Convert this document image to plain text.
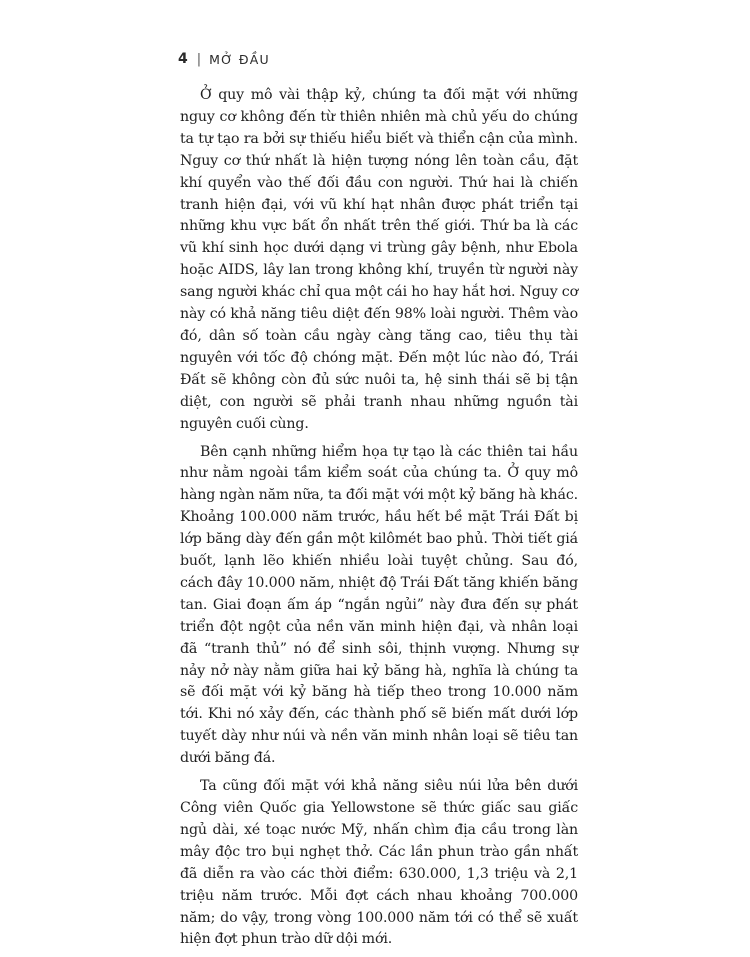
4 | MỞ ĐẦU

Ở quy mô vài thập kỷ, chúng ta đối mặt với những nguy cơ không đến từ thiên nhiên mà chủ yếu do chúng ta tự tạo ra bởi sự thiếu hiểu biết và thiển cận của mình. Nguy cơ thứ nhất là hiện tượng nóng lên toàn cầu, đặt khí quyển vào thế đối đầu con người. Thứ hai là chiến tranh hiện đại, với vũ khí hạt nhân được phát triển tại những khu vực bất ổn nhất trên thế giới. Thứ ba là các vũ khí sinh học dưới dạng vi trùng gây bệnh, như Ebola hoặc AIDS, lây lan trong không khí, truyền từ người này sang người khác chỉ qua một cái ho hay hắt hơi. Nguy cơ này có khả năng tiêu diệt đến 98% loài người. Thêm vào đó, dân số toàn cầu ngày càng tăng cao, tiêu thụ tài nguyên với tốc độ chóng mặt. Đến một lúc nào đó, Trái Đất sẽ không còn đủ sức nuôi ta, hệ sinh thái sẽ bị tận diệt, con người sẽ phải tranh nhau những nguồn tài nguyên cuối cùng.

Bên cạnh những hiểm họa tự tạo là các thiên tai hầu như nằm ngoài tầm kiểm soát của chúng ta. Ở quy mô hàng ngàn năm nữa, ta đối mặt với một kỷ băng hà khác. Khoảng 100.000 năm trước, hầu hết bề mặt Trái Đất bị lớp băng dày đến gần một kilômét bao phủ. Thời tiết giá buốt, lạnh lẽo khiến nhiều loài tuyệt chủng. Sau đó, cách đây 10.000 năm, nhiệt độ Trái Đất tăng khiến băng tan. Giai đoạn ấm áp “ngắn ngủi” này đưa đến sự phát triển đột ngột của nền văn minh hiện đại, và nhân loại đã “tranh thủ” nó để sinh sôi, thịnh vượng. Nhưng sự nảy nở này nằm giữa hai kỷ băng hà, nghĩa là chúng ta sẽ đối mặt với kỷ băng hà tiếp theo trong 10.000 năm tới. Khi nó xảy đến, các thành phố sẽ biến mất dưới lớp tuyết dày như núi và nền văn minh nhân loại sẽ tiêu tan dưới băng đá.

Ta cũng đối mặt với khả năng siêu núi lửa bên dưới Công viên Quốc gia Yellowstone sẽ thức giấc sau giấc ngủ dài, xé toạc nước Mỹ, nhấn chìm địa cầu trong làn mây độc tro bụi nghẹt thở. Các lần phun trào gần nhất đã diễn ra vào các thời điểm: 630.000, 1,3 triệu và 2,1 triệu năm trước. Mỗi đợt cách nhau khoảng 700.000 năm; do vậy, trong vòng 100.000 năm tới có thể sẽ xuất hiện đợt phun trào dữ dội mới.
